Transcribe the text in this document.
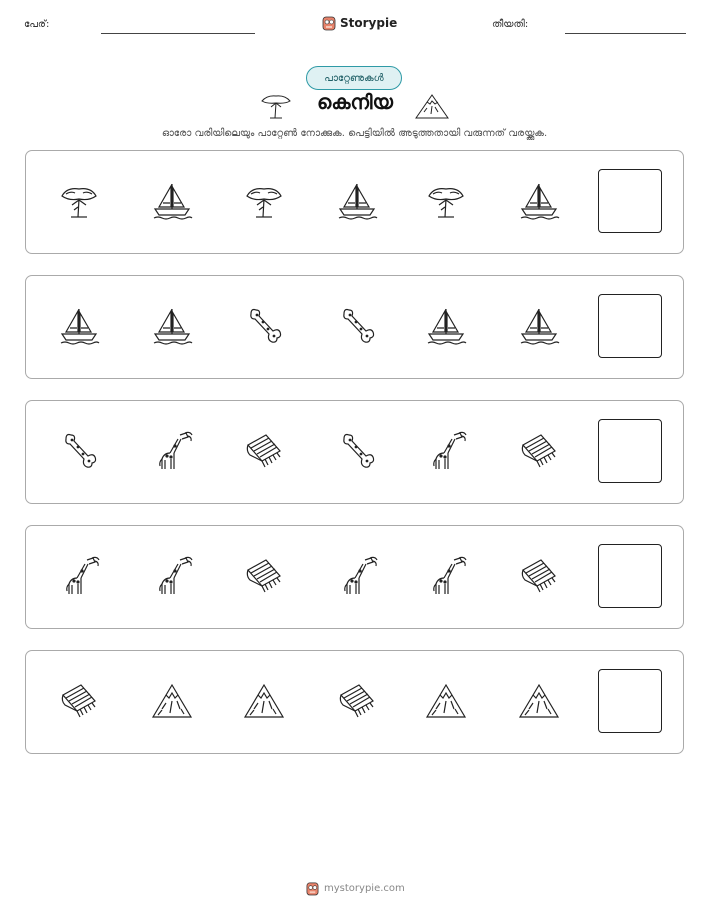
പേര്:	Storypie	തീയതി:
പാറ്റേണുകൾ
കെനിയ
ഓരോ വരിയിലെയും പാറ്റേൺ നോക്കുക. പെട്ടിയിൽ അടുത്തതായി വരുന്നത് വരയ്ക്കുക.
mystorypie.com
